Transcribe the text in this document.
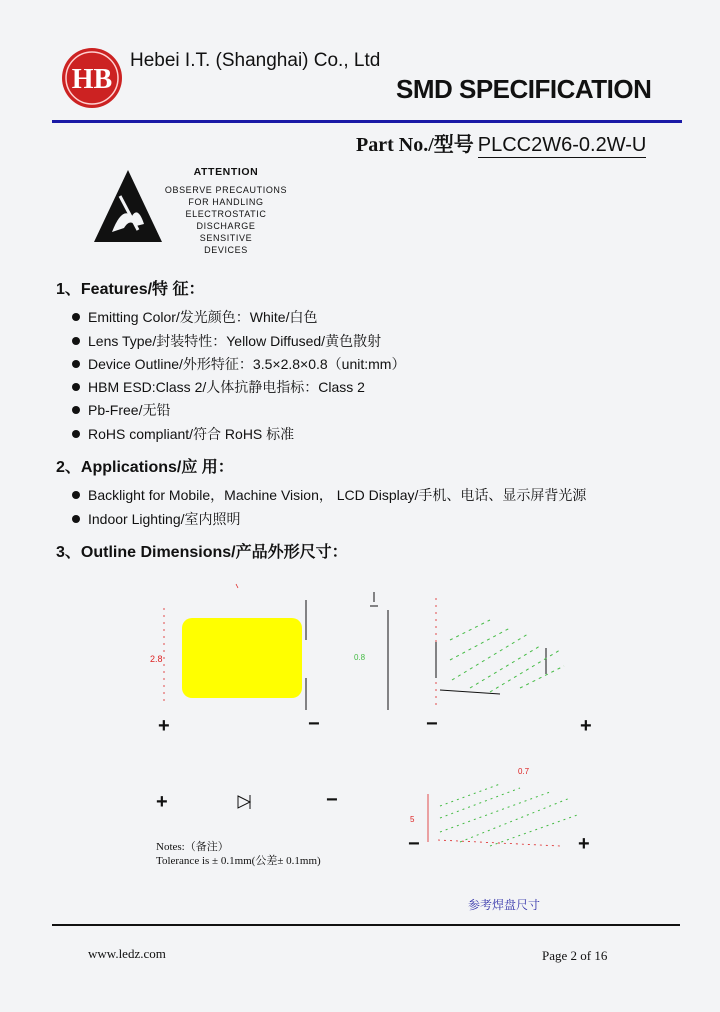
HB
Hebei I.T. (Shanghai) Co., Ltd
SMD SPECIFICATION
Part No./型号 PLCC2W6-0.2W-U
ATTENTION
OBSERVE PRECAUTIONS
FOR HANDLING
ELECTROSTATIC
DISCHARGE
SENSITIVE
DEVICES
1、Features/特 征：
Emitting Color/发光颜色：White/白色
Lens Type/封装特性：Yellow Diffused/黄色散射
Device Outline/外形特征：3.5×2.8×0.8（unit:mm）
HBM ESD:Class 2/人体抗静电指标：Class 2
Pb-Free/无铅
RoHS compliant/符合 RoHS 标准
2、Applications/应 用：
Backlight for Mobile，Machine Vision， LCD Display/手机、电话、显示屏背光源
Indoor Lighting/室内照明
3、Outline Dimensions/产品外形尺寸：
2.8	0.8
+	−	−	+
+	−
5
0.7
−	+
Notes:（备注）
Tolerance is ± 0.1mm(公差± 0.1mm)
参考焊盘尺寸
www.ledz.com	Page 2 of 16
